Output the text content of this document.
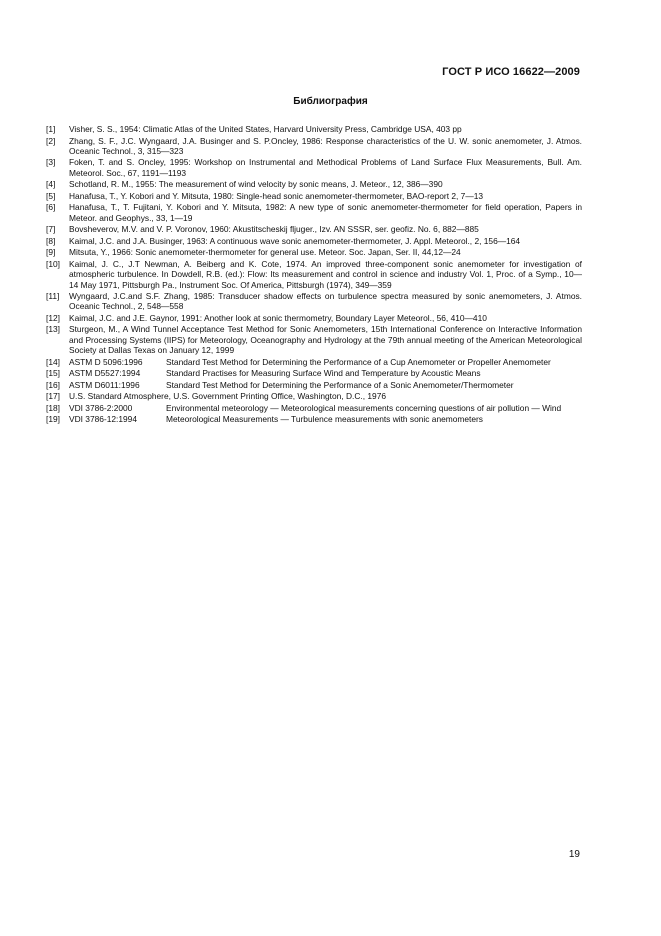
ГОСТ Р ИСО 16622—2009
Библиография
[1]	Visher, S. S., 1954: Climatic Atlas of the United States, Harvard University Press, Cambridge USA, 403 pp
[2]	Zhang, S. F., J.C. Wyngaard, J.A. Businger and S. P.Oncley, 1986: Response characteristics of the U. W. sonic anemometer, J. Atmos. Oceanic Technol., 3, 315—323
[3]	Foken, T. and S. Oncley, 1995: Workshop on Instrumental and Methodical Problems of Land Surface Flux Measurements, Bull. Am. Meteorol. Soc., 67, 1191—1193
[4]	Schotland, R. M., 1955: The measurement of wind velocity by sonic means, J. Meteor., 12, 386—390
[5]	Hanafusa, T., Y. Kobori and Y. Mitsuta, 1980: Single-head sonic anemometer-thermometer, BAO-report 2, 7—13
[6]	Hanafusa, T., T. Fujitani, Y. Kobori and Y. Mitsuta, 1982: A new type of sonic anemometer-thermometer for field operation, Papers in Meteor. and Geophys., 33, 1—19
[7]	Bovsheverov, M.V. and V. P. Voronov, 1960: Akustitscheskij fljuger., Izv. AN SSSR, ser. geofiz. No. 6, 882—885
[8]	Kaimal, J.C. and J.A. Businger, 1963: A continuous wave sonic anemometer-thermometer, J. Appl. Meteorol., 2, 156—164
[9]	Mitsuta, Y., 1966: Sonic anemometer-thermometer for general use. Meteor. Soc. Japan, Ser. II, 44,12—24
[10]	Kaimal, J. C., J.T Newman, A. Beiberg and K. Cote, 1974. An improved three-component sonic anemometer for investigation of atmospheric turbulence. In Dowdell, R.B. (ed.): Flow: Its measurement and control in science and industry Vol. 1, Proc. of a Symp., 10—14 May 1971, Pittsburgh Pa., Instrument Soc. Of America, Pittsburgh (1974), 349—359
[11]	Wyngaard, J.C.and S.F. Zhang, 1985: Transducer shadow effects on turbulence spectra measured by sonic anemometers, J. Atmos. Oceanic Technol., 2, 548—558
[12]	Kaimal, J.C. and J.E. Gaynor, 1991: Another look at sonic thermometry, Boundary Layer Meteorol., 56, 410—410
[13]	Sturgeon, M., A Wind Tunnel Acceptance Test Method for Sonic Anemometers, 15th International Conference on Interactive Information and Processing Systems (IIPS) for Meteorology, Oceanography and Hydrology at the 79th annual meeting of the American Meteorological Society at Dallas Texas on January 12, 1999
[14]	ASTM D 5096:1996	Standard Test Method for Determining the Performance of a Cup Anemometer or Propeller Anemometer
[15]	ASTM D5527:1994	Standard Practises for Measuring Surface Wind and Temperature by Acoustic Means
[16]	ASTM D6011:1996	Standard Test Method for Determining the Performance of a Sonic Anemometer/Thermometer
[17]	U.S. Standard Atmosphere, U.S. Government Printing Office, Washington, D.C., 1976
[18]	VDI 3786-2:2000	Environmental meteorology — Meteorological measurements concerning questions of air pollution — Wind
[19]	VDI 3786-12:1994	Meteorological Measurements — Turbulence measurements with sonic anemometers
19
